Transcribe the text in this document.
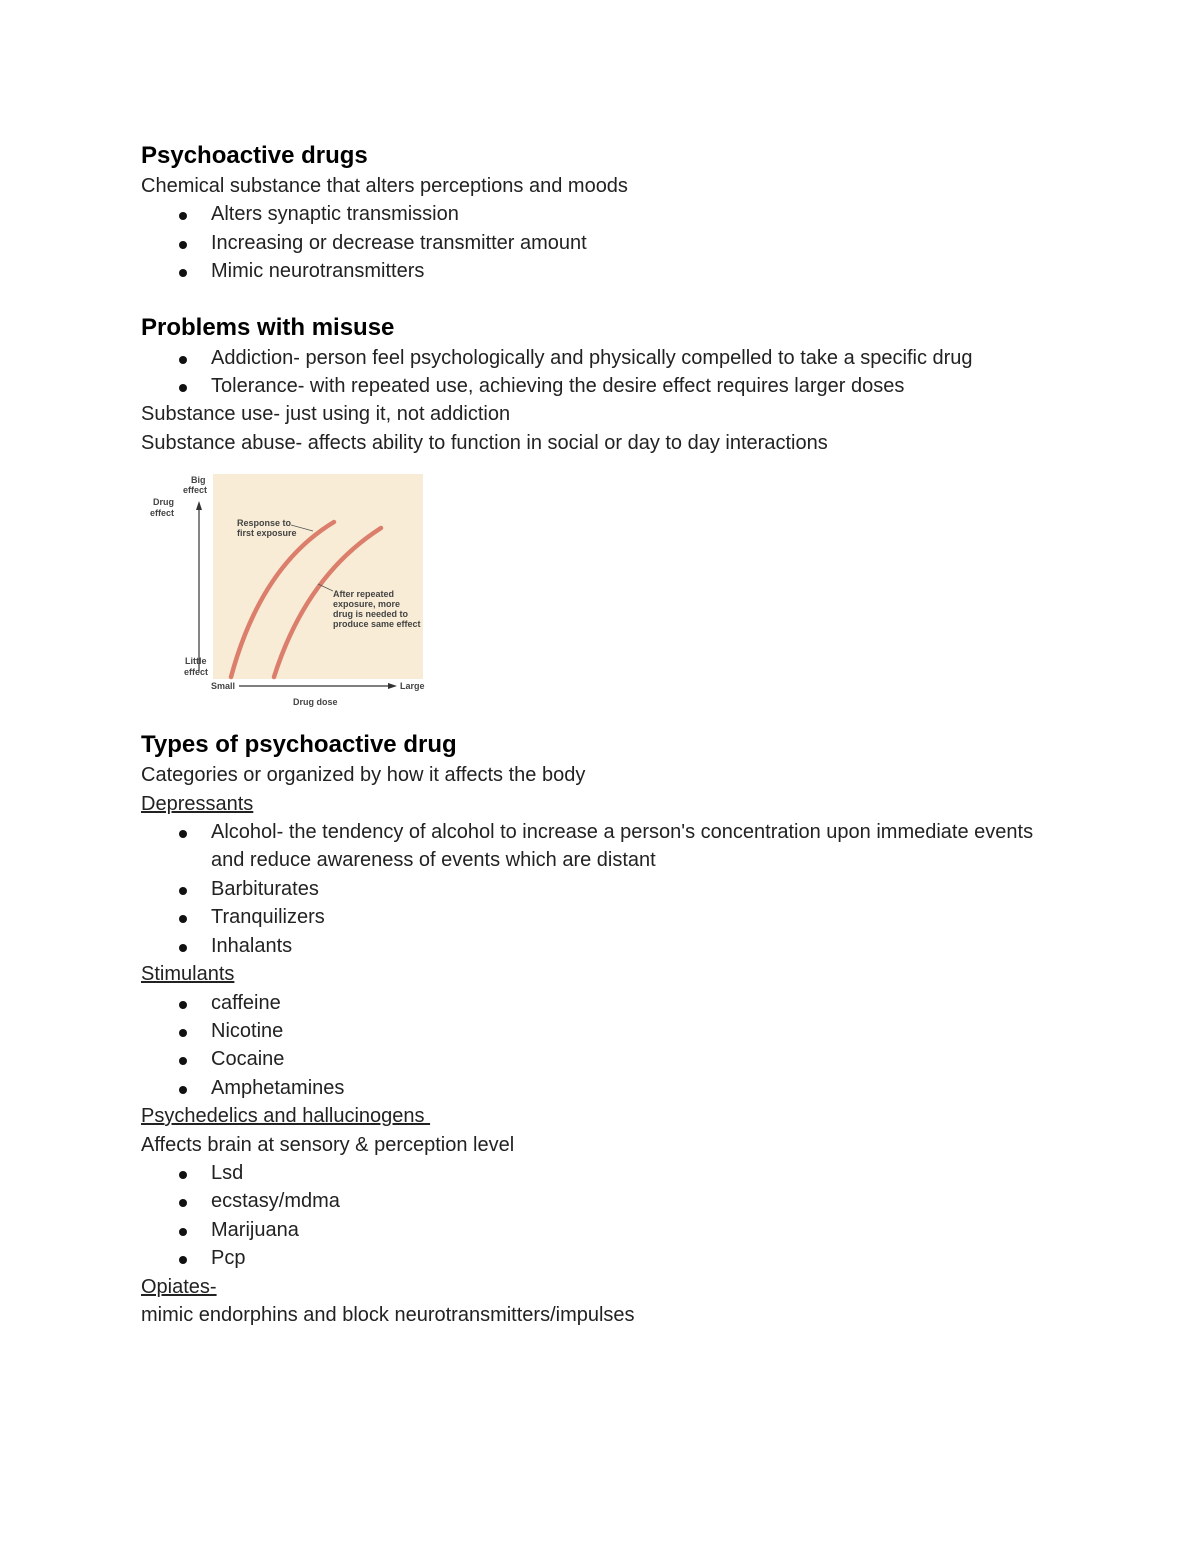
Psychoactive drugs

Chemical substance that alters perceptions and moods

Alters synaptic transmission
Increasing or decrease transmitter amount
Mimic neurotransmitters
Problems with misuse
Addiction- person feel psychologically and physically compelled to take a specific drug
Tolerance- with repeated use, achieving the desire effect requires larger doses

Substance use- just using it, not addiction

Substance abuse- affects ability to function in social or day to day interactions

Big
effect
Drug
effect
Little
effect
Small	Large
Drug dose
Response to
first exposure
After repeated
exposure, more
drug is needed to
produce same effect
Types of psychoactive drug

Categories or organized by how it affects the body

Depressants

Alcohol- the tendency of alcohol to increase a person's concentration upon immediate events and reduce awareness of events which are distant
Barbiturates
Tranquilizers
Inhalants

Stimulants

caffeine
Nicotine
Cocaine
Amphetamines

Psychedelics and hallucinogens

Affects brain at sensory & perception level

Lsd
ecstasy/mdma
Marijuana
Pcp

Opiates-

mimic endorphins and block neurotransmitters/impulses
